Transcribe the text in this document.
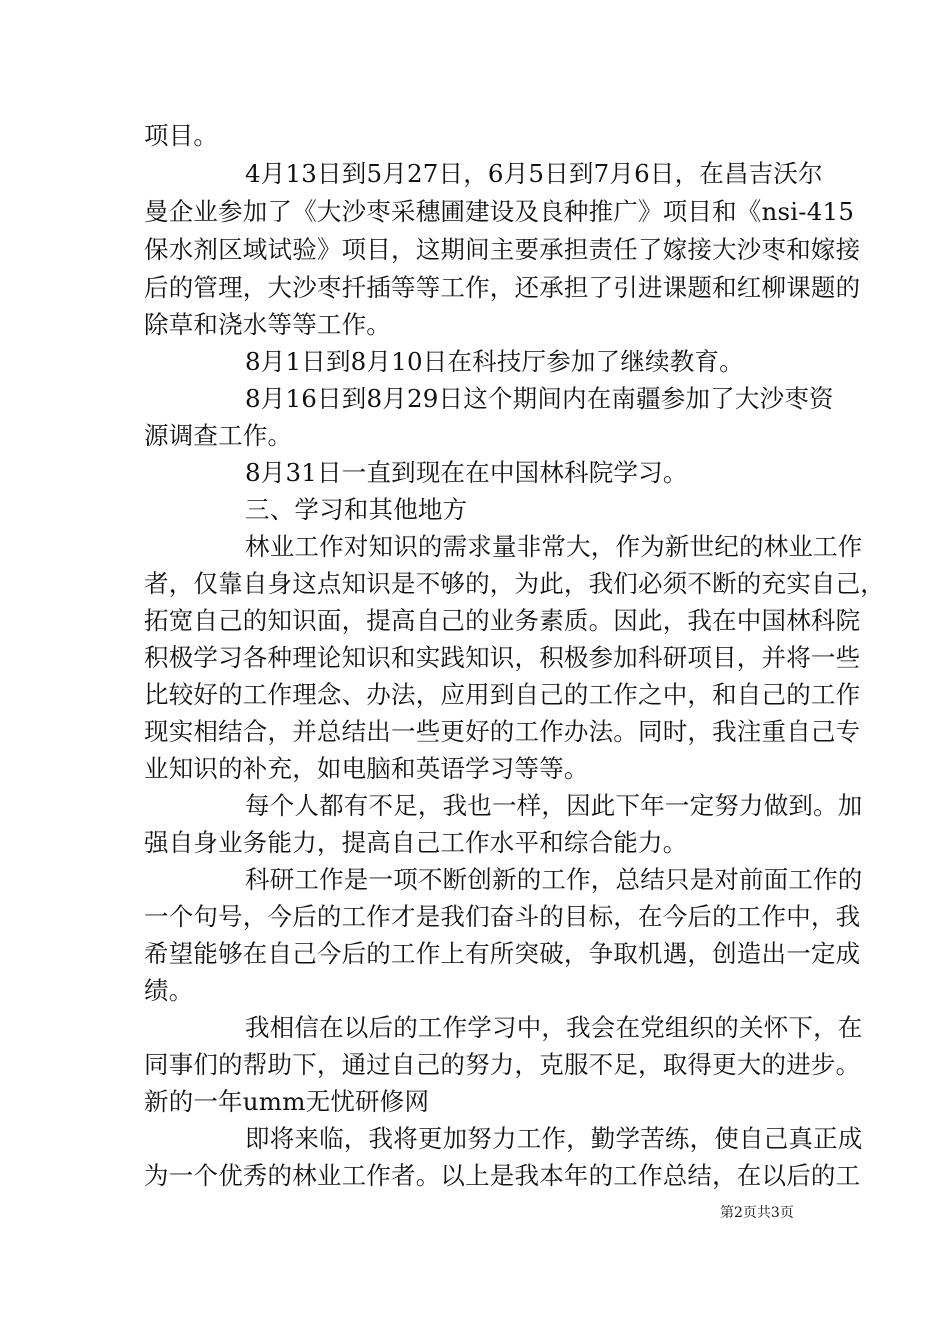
项目。
4月13日到5月27日，6月5日到7月6日，在昌吉沃尔
曼企业参加了《大沙枣采穗圃建设及良种推广》项目和《nsi-415
保水剂区域试验》项目，这期间主要承担责任了嫁接大沙枣和嫁接
后的管理，大沙枣扦插等等工作，还承担了引进课题和红柳课题的
除草和浇水等等工作。
8月1日到8月10日在科技厅参加了继续教育。
8月16日到8月29日这个期间内在南疆参加了大沙枣资
源调查工作。
8月31日一直到现在在中国林科院学习。
三、学习和其他地方
林业工作对知识的需求量非常大，作为新世纪的林业工作
者，仅靠自身这点知识是不够的，为此，我们必须不断的充实自己，
拓宽自己的知识面，提高自己的业务素质。因此，我在中国林科院
积极学习各种理论知识和实践知识，积极参加科研项目，并将一些
比较好的工作理念、办法，应用到自己的工作之中，和自己的工作
现实相结合，并总结出一些更好的工作办法。同时，我注重自己专
业知识的补充，如电脑和英语学习等等。
每个人都有不足，我也一样，因此下年一定努力做到。加
强自身业务能力，提高自己工作水平和综合能力。
科研工作是一项不断创新的工作，总结只是对前面工作的
一个句号，今后的工作才是我们奋斗的目标，在今后的工作中，我
希望能够在自己今后的工作上有所突破，争取机遇，创造出一定成
绩。
我相信在以后的工作学习中，我会在党组织的关怀下，在
同事们的帮助下，通过自己的努力，克服不足，取得更大的进步。
新的一年umm无忧研修网
即将来临，我将更加努力工作，勤学苦练，使自己真正成
为一个优秀的林业工作者。以上是我本年的工作总结，在以后的工
第2页共3页
